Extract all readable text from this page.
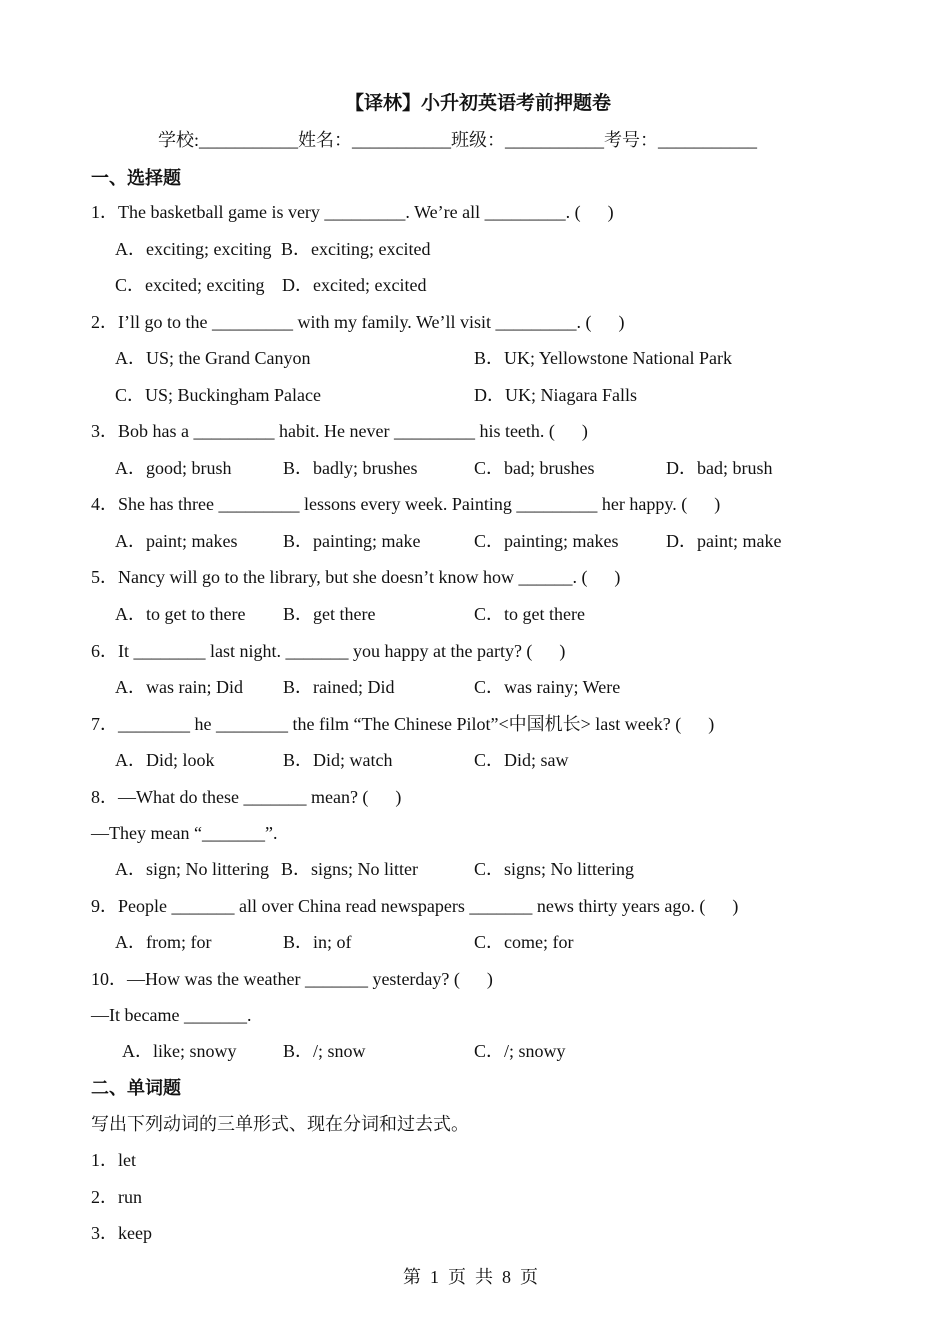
【译林】小升初英语考前押题卷
学校:___________姓名：___________班级：___________考号：___________
一、选择题
1．The basketball game is very _________. We’re all _________. (      )
A．exciting; exciting B．exciting; excited
C．excited; exciting D．excited; excited
2．I’ll go to the _________ with my family. We’ll visit _________. (      )
A．US; the Grand Canyon	B．UK; Yellowstone National Park
C．US; Buckingham Palace	D．UK; Niagara Falls
3．Bob has a _________ habit. He never _________ his teeth. (      )
A．good; brush	B．badly; brushes	C．bad; brushes	D．bad; brush
4．She has three _________ lessons every week. Painting _________ her happy. (      )
A．paint; makes	B．painting; make	C．painting; makes	D．paint; make
5．Nancy will go to the library, but she doesn’t know how ______. (      )
A．to get to there B．get there	C．to get there
6．It ________ last night. _______ you happy at the party? (      )
A．was rain; Did B．rained; Did	C．was rainy; Were
7．________ he ________ the film “The Chinese Pilot”<中国机长> last week? (      )
A．Did; look	B．Did; watch	C．Did; saw
8．—What do these _______ mean? (      )
—They mean “_______”.
A．sign; No littering B．signs; No litter	C．signs; No littering
9．People _______ all over China read newspapers _______ news thirty years ago. (      )
A．from; for	B．in; of	C．come; for
10．—How was the weather _______ yesterday? (      )
—It became _______.
A．like; snowy	B．/; snow	C．/; snowy
二、单词题
写出下列动词的三单形式、现在分词和过去式。
1．let
2．run
3．keep
第  1  页  共  8  页
